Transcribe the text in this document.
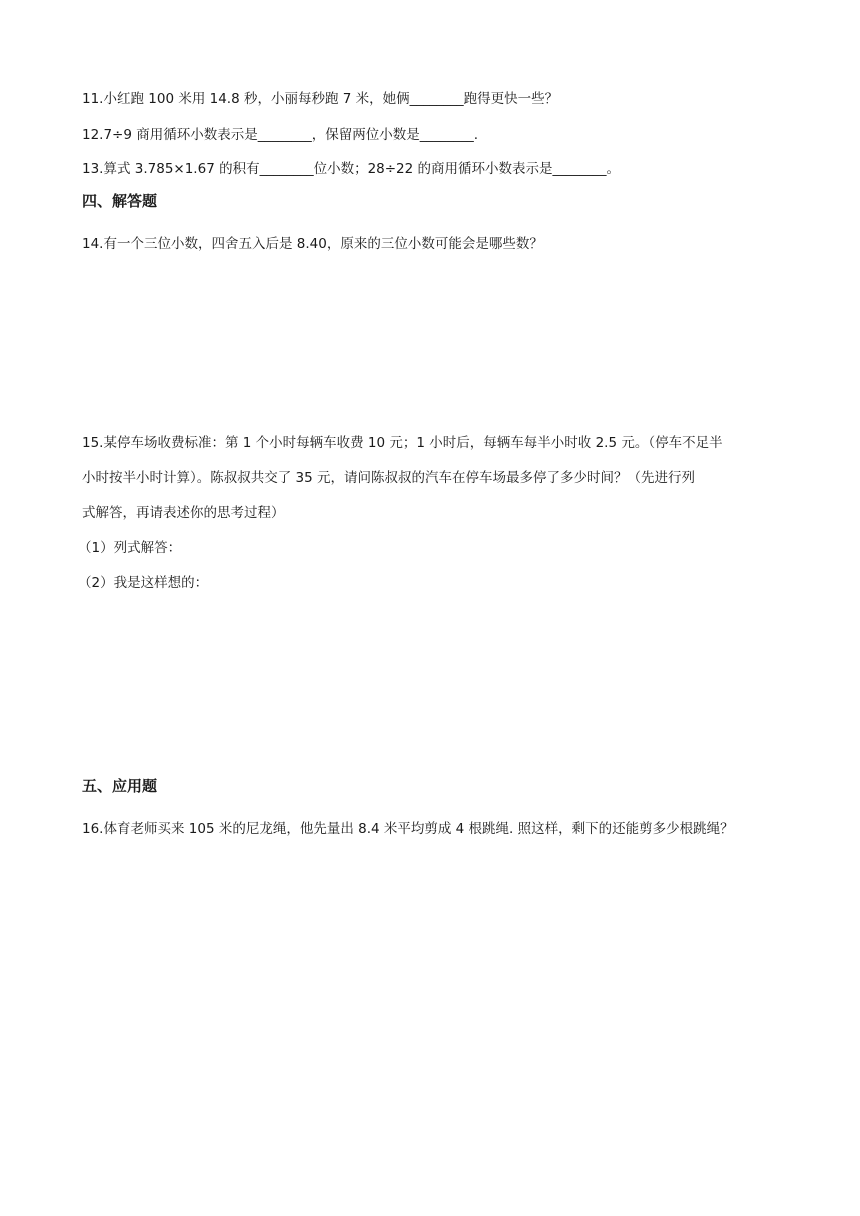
11.小红跑 100 米用 14.8 秒，小丽每秒跑 7 米，她俩________跑得更快一些？
12.7÷9 商用循环小数表示是________，保留两位小数是________.
13.算式 3.785×1.67 的积有________位小数；28÷22 的商用循环小数表示是________。
四、解答题
14.有一个三位小数，四舍五入后是 8.40，原来的三位小数可能会是哪些数？
15.某停车场收费标准：第 1 个小时每辆车收费 10 元；1 小时后，每辆车每半小时收 2.5 元。（停车不足半
小时按半小时计算）。陈叔叔共交了 35 元，请问陈叔叔的汽车在停车场最多停了多少时间？（先进行列
式解答，再请表述你的思考过程）
（1）列式解答：
（2）我是这样想的：
五、应用题
16.体育老师买来 105 米的尼龙绳，他先量出 8.4 米平均剪成 4 根跳绳. 照这样，剩下的还能剪多少根跳绳？
